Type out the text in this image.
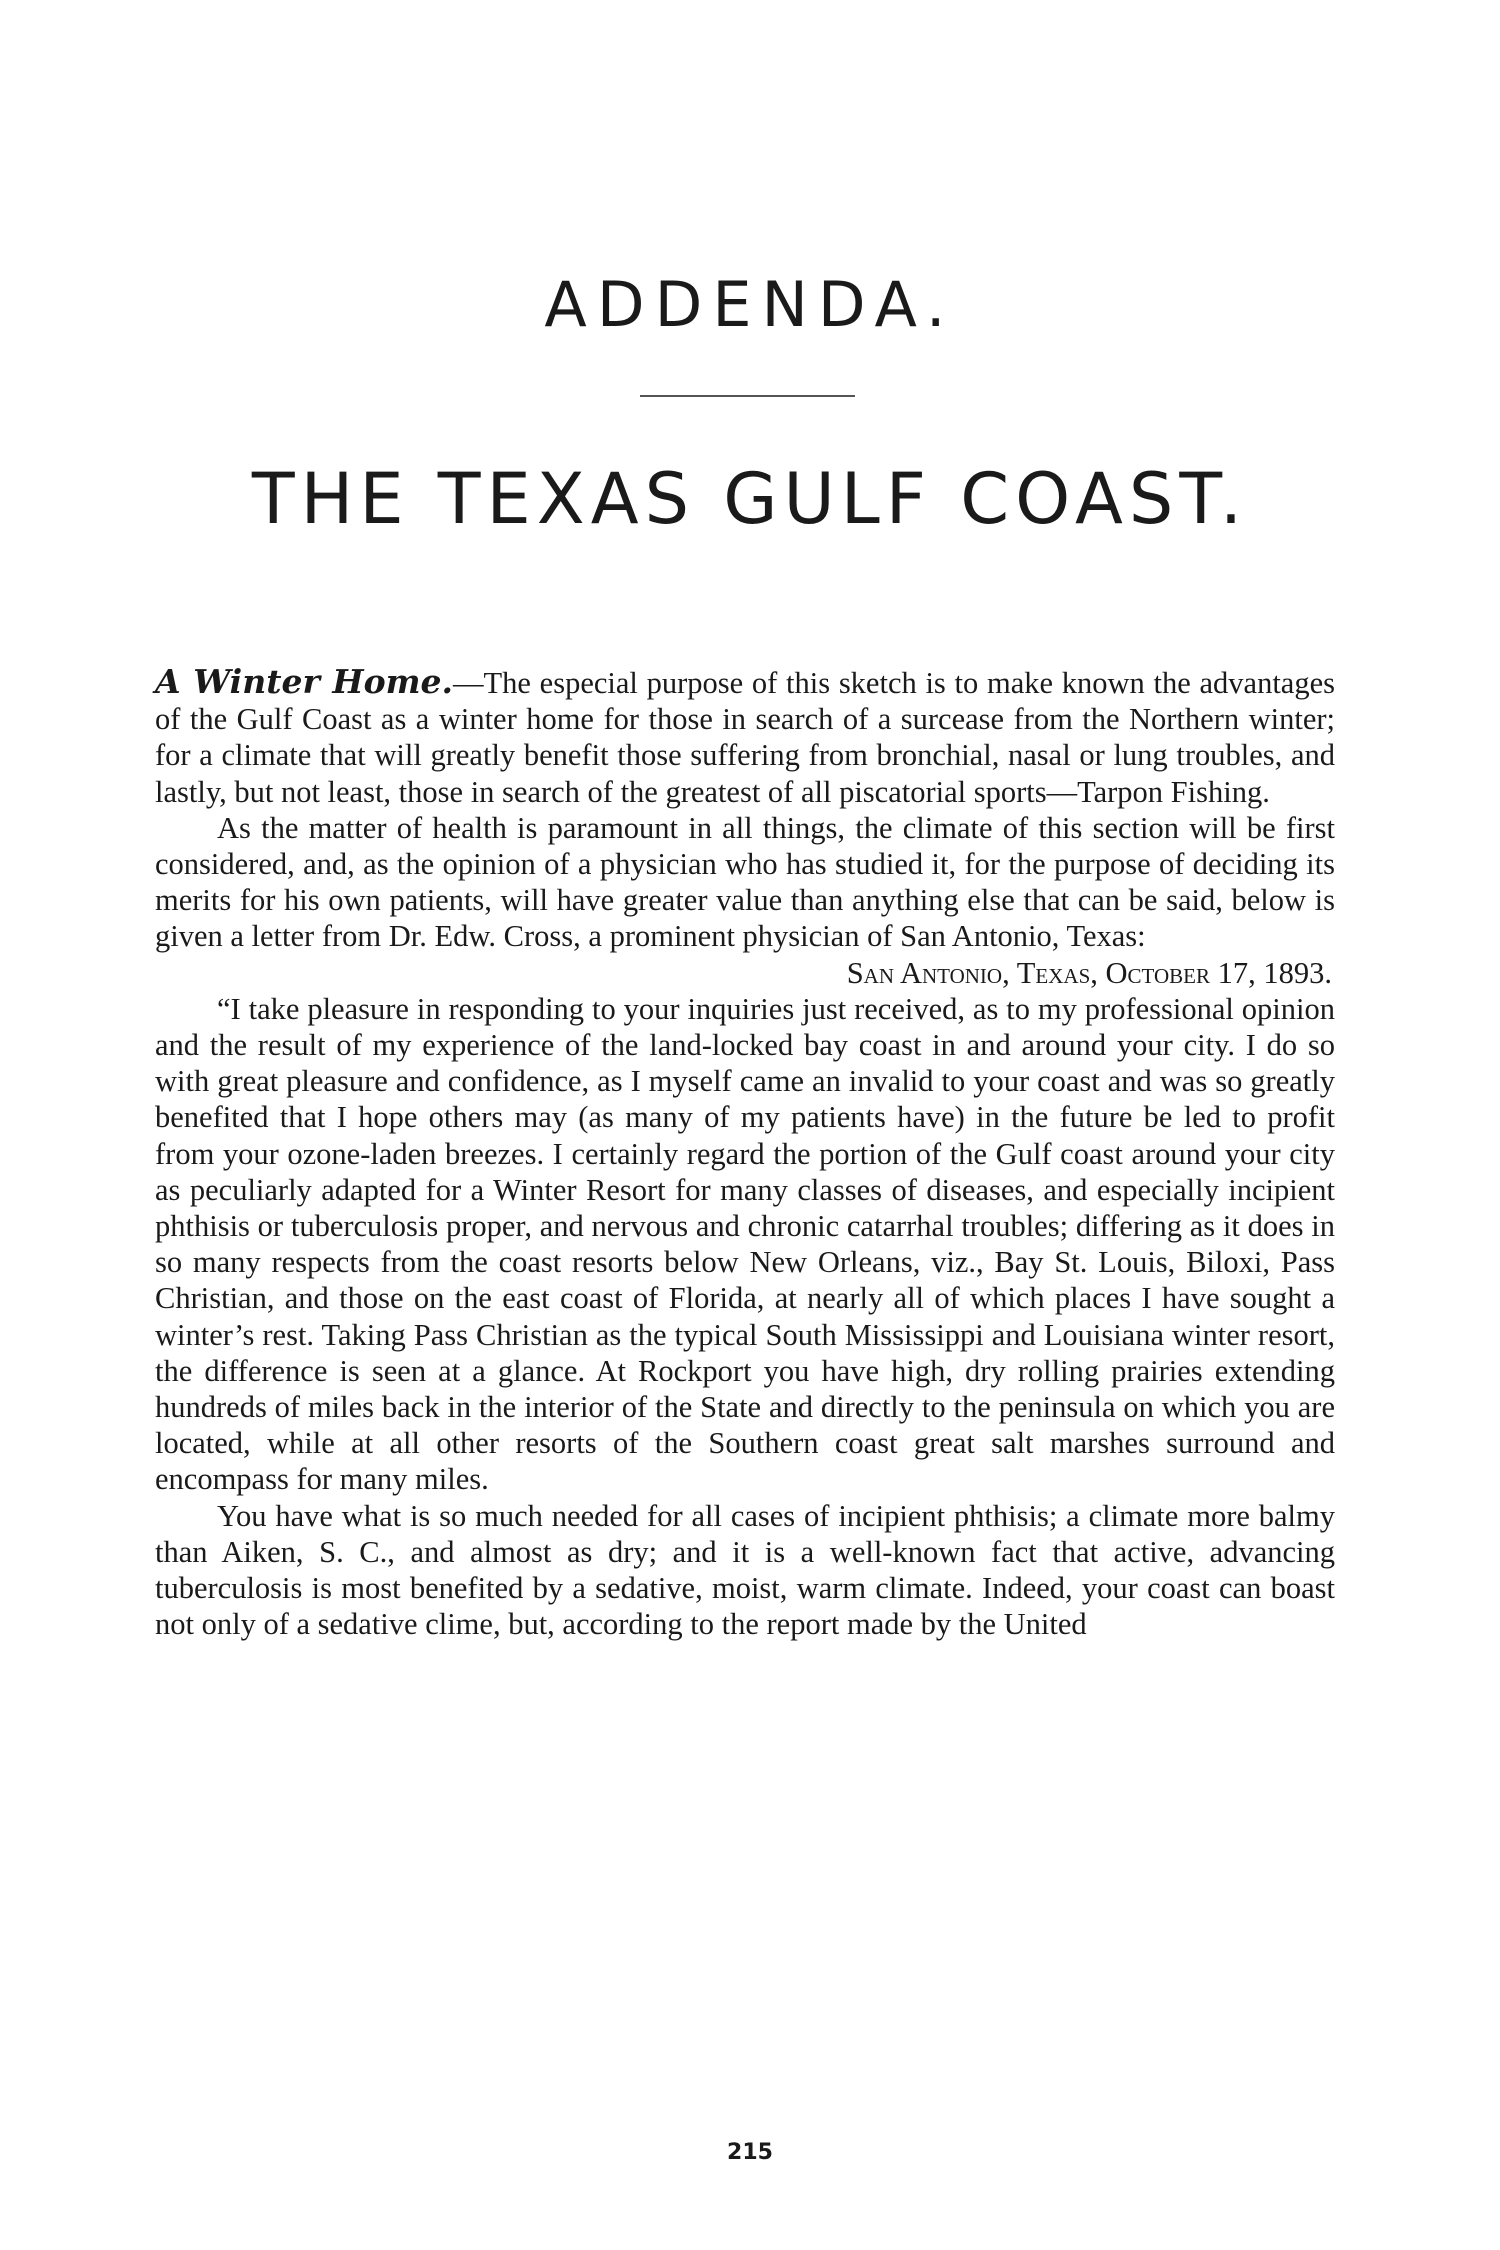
ADDENDA.
THE TEXAS GULF COAST.

A Winter Home.—The especial purpose of this sketch is to make known the advantages of the Gulf Coast as a winter home for those in search of a surcease from the Northern winter; for a climate that will greatly benefit those suffering from bronchial, nasal or lung troubles, and lastly, but not least, those in search of the greatest of all piscatorial sports—Tarpon Fishing.

As the matter of health is paramount in all things, the climate of this section will be first considered, and, as the opinion of a physician who has studied it, for the purpose of deciding its merits for his own patients, will have greater value than anything else that can be said, below is given a letter from Dr. Edw. Cross, a prominent physician of San Antonio, Texas:

San Antonio, Texas, October 17, 1893.

“I take pleasure in responding to your inquiries just received, as to my professional opinion and the result of my experience of the land-locked bay coast in and around your city. I do so with great pleasure and confidence, as I myself came an invalid to your coast and was so greatly benefited that I hope others may (as many of my patients have) in the future be led to profit from your ozone-laden breezes. I certainly regard the portion of the Gulf coast around your city as peculiarly adapted for a Winter Resort for many classes of diseases, and especially incipient phthisis or tuberculosis proper, and nervous and chronic catarrhal troubles; differing as it does in so many respects from the coast resorts below New Orleans, viz., Bay St. Louis, Biloxi, Pass Christian, and those on the east coast of Florida, at nearly all of which places I have sought a winter’s rest. Taking Pass Christian as the typical South Mississippi and Louisiana winter resort, the difference is seen at a glance. At Rockport you have high, dry rolling prairies extending hundreds of miles back in the interior of the State and directly to the peninsula on which you are located, while at all other resorts of the Southern coast great salt marshes surround and encompass for many miles.

You have what is so much needed for all cases of incipient phthisis; a climate more balmy than Aiken, S. C., and almost as dry; and it is a well-known fact that active, advancing tuberculosis is most benefited by a sedative, moist, warm climate. Indeed, your coast can boast not only of a sedative clime, but, according to the report made by the United

215
